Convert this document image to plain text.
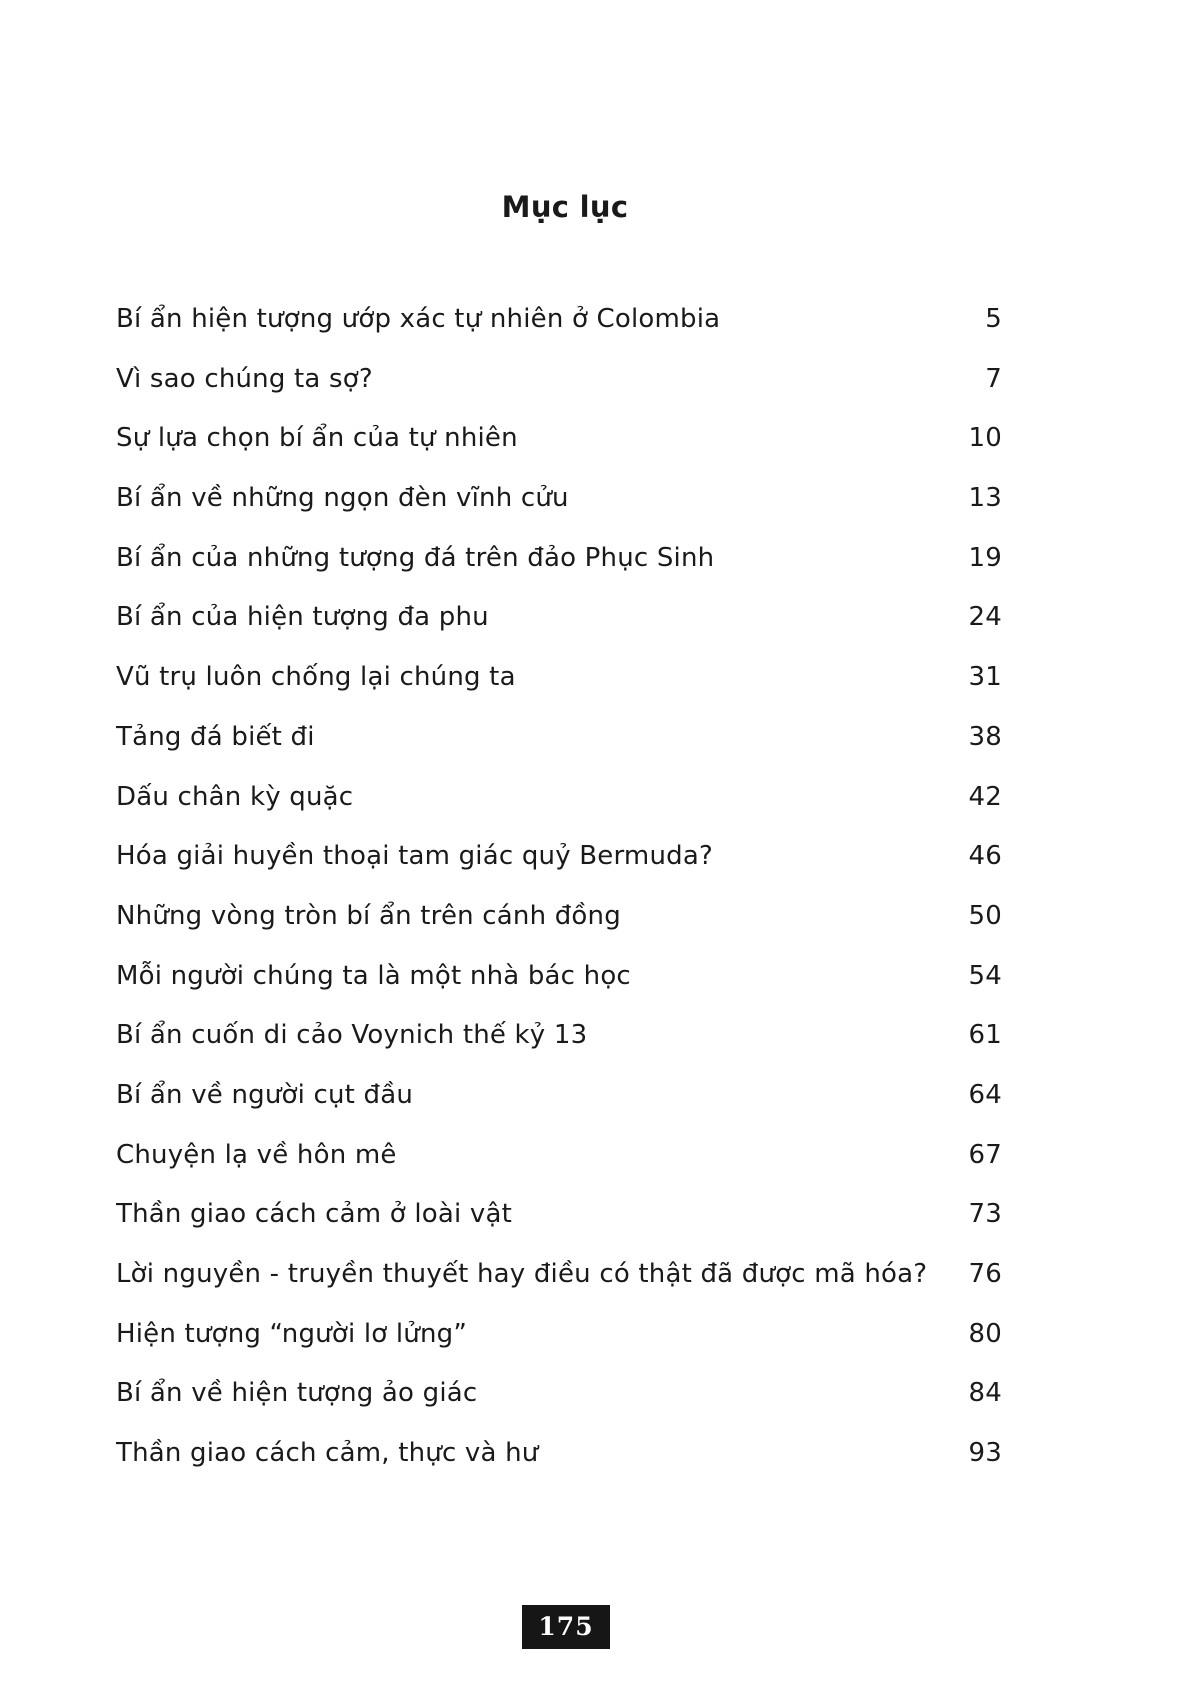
Mục lục
Bí ẩn hiện tượng ướp xác tự nhiên ở Colombia	5
Vì sao chúng ta sợ?	7
Sự lựa chọn bí ẩn của tự nhiên	10
Bí ẩn về những ngọn đèn vĩnh cửu	13
Bí ẩn của những tượng đá trên đảo Phục Sinh	19
Bí ẩn của hiện tượng đa phu	24
Vũ trụ luôn chống lại chúng ta	31
Tảng đá biết đi	38
Dấu chân kỳ quặc	42
Hóa giải huyền thoại tam giác quỷ Bermuda?	46
Những vòng tròn bí ẩn trên cánh đồng	50
Mỗi người chúng ta là một nhà bác học	54
Bí ẩn cuốn di cảo Voynich thế kỷ 13	61
Bí ẩn về người cụt đầu	64
Chuyện lạ về hôn mê	67
Thần giao cách cảm ở loài vật	73
Lời nguyền - truyền thuyết hay điều có thật đã được mã hóa?	76
Hiện tượng “người lơ lửng”	80
Bí ẩn về hiện tượng ảo giác	84
Thần giao cách cảm, thực và hư	93
175
